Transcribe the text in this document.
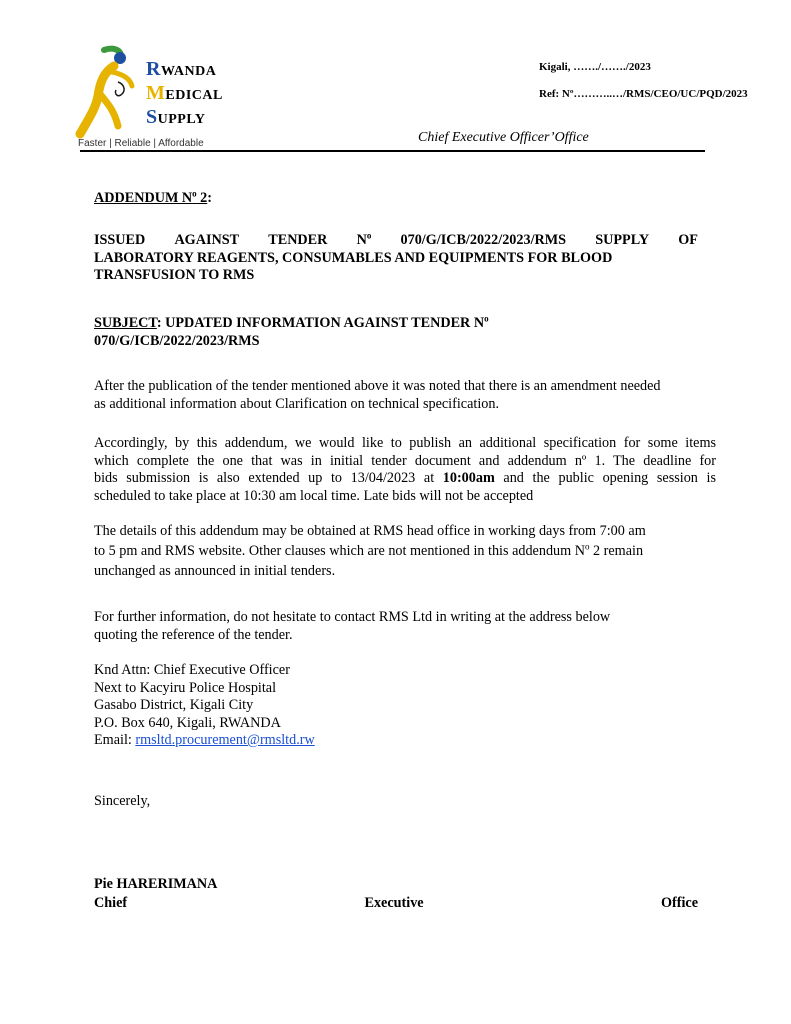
RWANDA
MEDICAL
SUPPLY
Faster | Reliable | Affordable
Kigali, ……./……./2023
Ref: Nº………..…/RMS/CEO/UC/PQD/2023
Chief Executive Officer’Office
ADDENDUM $N^o$ 2:
ISSUED AGAINST TENDER $N^o$ 070/G/ICB/2022/2023/RMS SUPPLY OF
LABORATORY REAGENTS, CONSUMABLES AND EQUIPMENTS FOR BLOOD
TRANSFUSION TO RMS
SUBJECT: UPDATED INFORMATION AGAINST TENDER $N^o$
070/G/ICB/2022/2023/RMS
After the publication of the tender mentioned above it was noted that there is an amendment needed
as additional information about Clarification on technical specification.
Accordingly, by this addendum, we would like to publish an additional specification for some items
which complete the one that was in initial tender document and addendum nº 1. The deadline for
bids submission is also extended up to 13/04/2023 at 10:00am and the public opening session is
scheduled to take place at 10:30 am local time. Late bids will not be accepted
The details of this addendum may be obtained at RMS head office in working days from 7:00 am
to 5 pm and RMS website. Other clauses which are not mentioned in this addendum $N^o$ 2 remain
unchanged as announced in initial tenders.
For further information, do not hesitate to contact RMS Ltd in writing at the address below
quoting the reference of the tender.
Knd Attn: Chief Executive Officer
Next to Kacyiru Police Hospital
Gasabo District, Kigali City
P.O. Box 640, Kigali, RWANDA
Email: rmsltd.procurement@rmsltd.rw
Sincerely,
Pie HARERIMANA
Chief	Executive	Office
